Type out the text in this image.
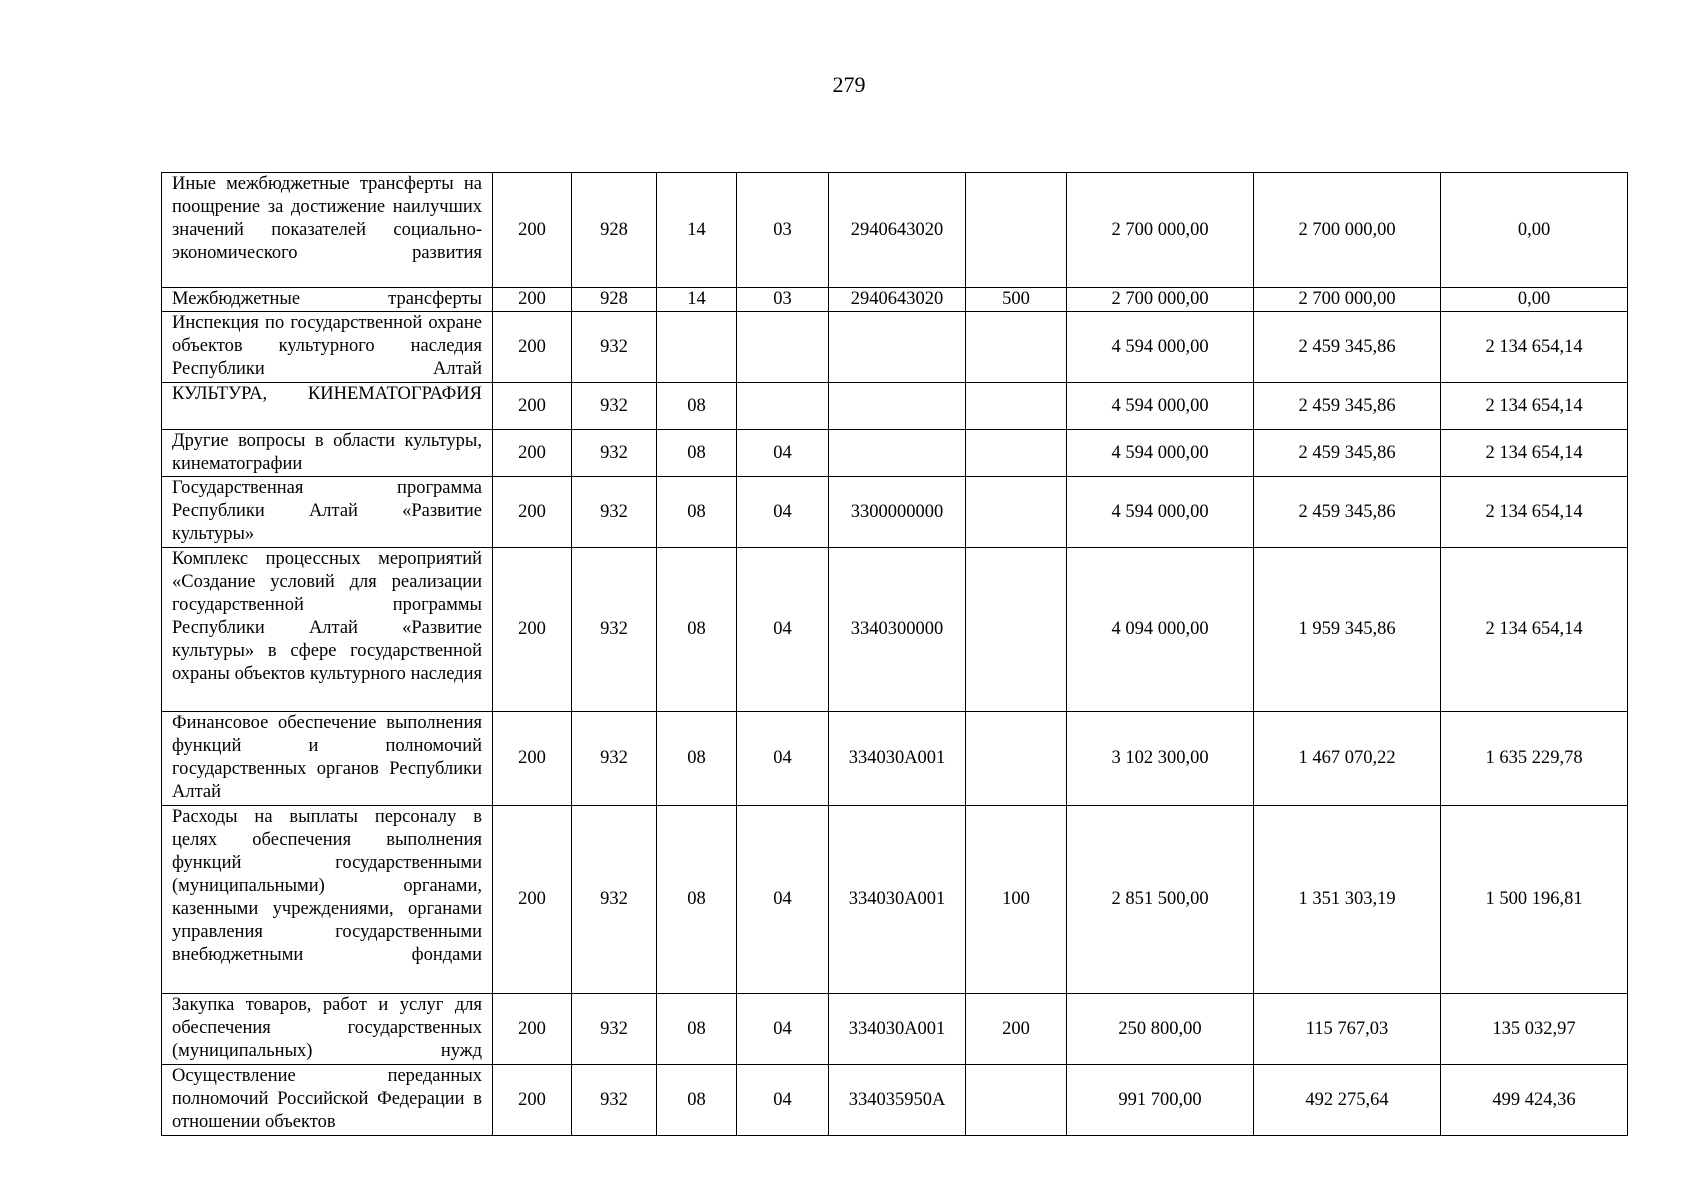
279
Иные межбюджетные трансферты на поощрение за достижение наилучших значений показателей социально-экономического развития	200	928	14	03	2940643020		2 700 000,00	2 700 000,00	0,00
Межбюджетные трансферты	200	928	14	03	2940643020	500	2 700 000,00	2 700 000,00	0,00
Инспекция по государственной охране объектов культурного наследия Республики Алтай	200	932					4 594 000,00	2 459 345,86	2 134 654,14
КУЛЬТУРА, КИНЕМАТОГРАФИЯ	200	932	08				4 594 000,00	2 459 345,86	2 134 654,14
Другие вопросы в области культуры, кинематографии	200	932	08	04			4 594 000,00	2 459 345,86	2 134 654,14
Государственная программа Республики Алтай «Развитие культуры»	200	932	08	04	3300000000		4 594 000,00	2 459 345,86	2 134 654,14
Комплекс процессных мероприятий «Создание условий для реализации государственной программы Республики Алтай «Развитие культуры» в сфере государственной охраны объектов культурного наследия	200	932	08	04	3340300000		4 094 000,00	1 959 345,86	2 134 654,14
Финансовое обеспечение выполнения функций и полномочий государственных органов Республики Алтай	200	932	08	04	334030А001		3 102 300,00	1 467 070,22	1 635 229,78
Расходы на выплаты персоналу в целях обеспечения выполнения функций государственными (муниципальными) органами, казенными учреждениями, органами управления государственными внебюджетными фондами	200	932	08	04	334030А001	100	2 851 500,00	1 351 303,19	1 500 196,81
Закупка товаров, работ и услуг для обеспечения государственных (муниципальных) нужд	200	932	08	04	334030А001	200	250 800,00	115 767,03	135 032,97
Осуществление переданных полномочий Российской Федерации в отношении объектов	200	932	08	04	334035950А		991 700,00	492 275,64	499 424,36
